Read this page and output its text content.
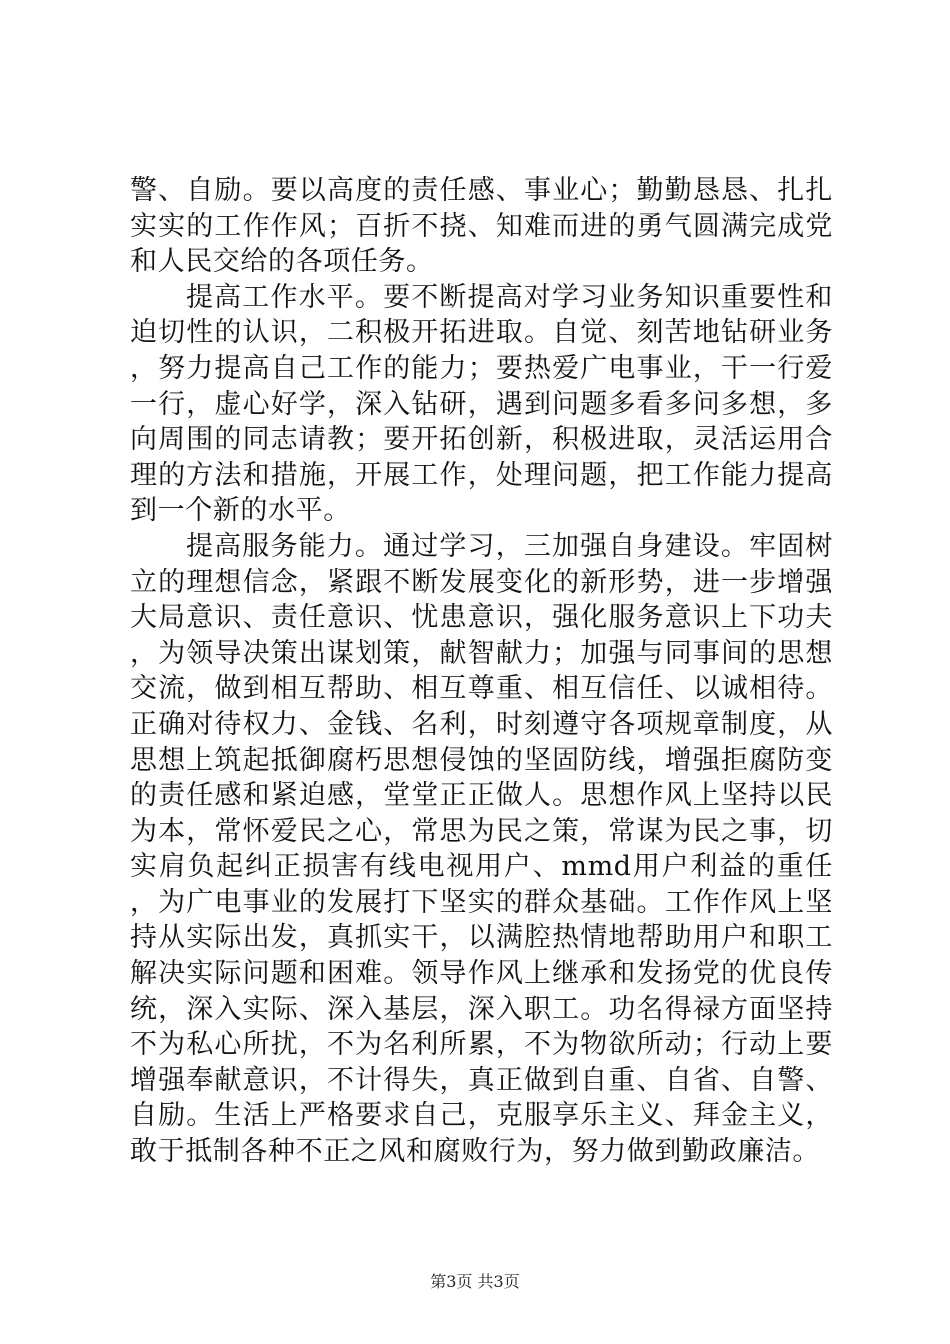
警、自励。要以高度的责任感、事业心；勤勤恳恳、扎扎实实的工作作风；百折不挠、知难而进的勇气圆满完成党和人民交给的各项任务。

提高工作水平。要不断提高对学习业务知识重要性和迫切性的认识，二积极开拓进取。自觉、刻苦地钻研业务，努力提高自己工作的能力；要热爱广电事业，干一行爱一行，虚心好学，深入钻研，遇到问题多看多问多想，多向周围的同志请教；要开拓创新，积极进取，灵活运用合理的方法和措施，开展工作，处理问题，把工作能力提高到一个新的水平。

提高服务能力。通过学习，三加强自身建设。牢固树立的理想信念，紧跟不断发展变化的新形势，进一步增强大局意识、责任意识、忧患意识，强化服务意识上下功夫，为领导决策出谋划策，献智献力；加强与同事间的思想交流，做到相互帮助、相互尊重、相互信任、以诚相待。正确对待权力、金钱、名利，时刻遵守各项规章制度，从思想上筑起抵御腐朽思想侵蚀的坚固防线，增强拒腐防变的责任感和紧迫感，堂堂正正做人。思想作风上坚持以民为本，常怀爱民之心，常思为民之策，常谋为民之事，切实肩负起纠正损害有线电视用户、mmd用户利益的重任，为广电事业的发展打下坚实的群众基础。工作作风上坚持从实际出发，真抓实干，以满腔热情地帮助用户和职工解决实际问题和困难。领导作风上继承和发扬党的优良传统，深入实际、深入基层，深入职工。功名得禄方面坚持不为私心所扰，不为名利所累，不为物欲所动；行动上要增强奉献意识，不计得失，真正做到自重、自省、自警、自励。生活上严格要求自己，克服享乐主义、拜金主义，敢于抵制各种不正之风和腐败行为，努力做到勤政廉洁。

第3页 共3页
